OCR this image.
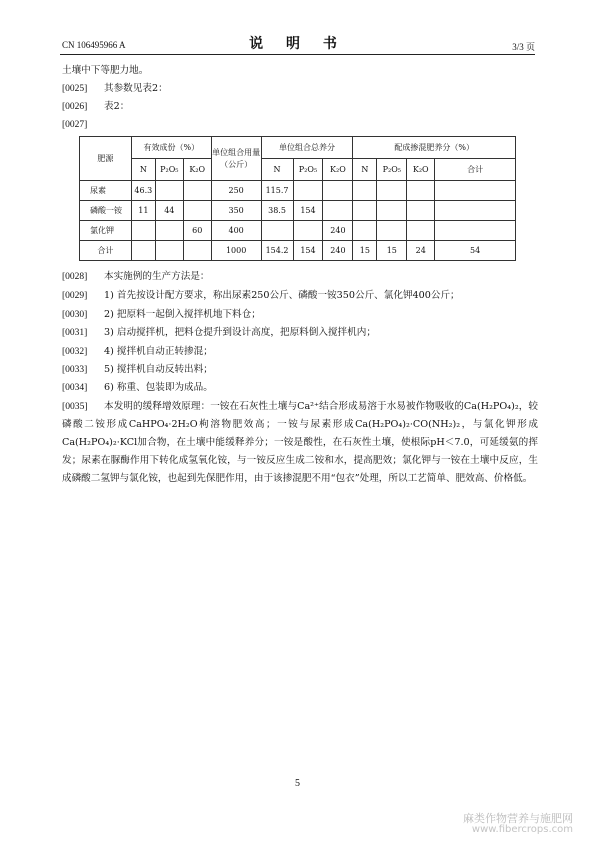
CN 106495966 A	说 明 书	3/3 页
土壤中下等肥力地。
[0025] 其参数见表2：
[0026] 表2：
[0027]
肥源	有效成份（%）			单位组合用量（公斤）	单位组合总养分			配成掺混肥养分（%）			
	N	P₂O₅	K₂O		N	P₂O₅	K₂O	N	P₂O₅	K₂O	合计
尿素	46.3			250	115.7						
磷酸一铵	11	44		350	38.5	154					
氯化钾			60	400			240				
合计				1000	154.2	154	240	15	15	24	54
[0028] 本实施例的生产方法是：
[0029] 1) 首先按设计配方要求，称出尿素250公斤、磷酸一铵350公斤、氯化钾400公斤；
[0030] 2) 把原料一起倒入搅拌机地下料仓；
[0031] 3) 启动搅拌机，把料仓提升到设计高度，把原料倒入搅拌机内；
[0032] 4) 搅拌机自动正转掺混；
[0033] 5) 搅拌机自动反转出料；
[0034] 6) 称重、包装即为成品。
[0035] 本发明的缓释增效原理：一铵在石灰性土壤与Ca²⁺结合形成易溶于水易被作物吸收的Ca(H₂PO₄)₂，较磷酸二铵形成CaHPO₄·2H₂O枸溶物肥效高；一铵与尿素形成Ca(H₂PO₄)₂·CO(NH₂)₂，与氯化钾形成Ca(H₂PO₄)₂·KCl加合物，在土壤中能缓释养分；一铵是酸性，在石灰性土壤，使根际pH＜7.0，可延缓氨的挥发；尿素在脲酶作用下转化成氢氧化铵，与一铵反应生成二铵和水，提高肥效；氯化钾与一铵在土壤中反应，生成磷酸二氢钾与氯化铵，也起到先保肥作用，由于该掺混肥不用“包衣”处理，所以工艺简单、肥效高、价格低。
5
麻类作物营养与施肥网
www.fibercrops.com
